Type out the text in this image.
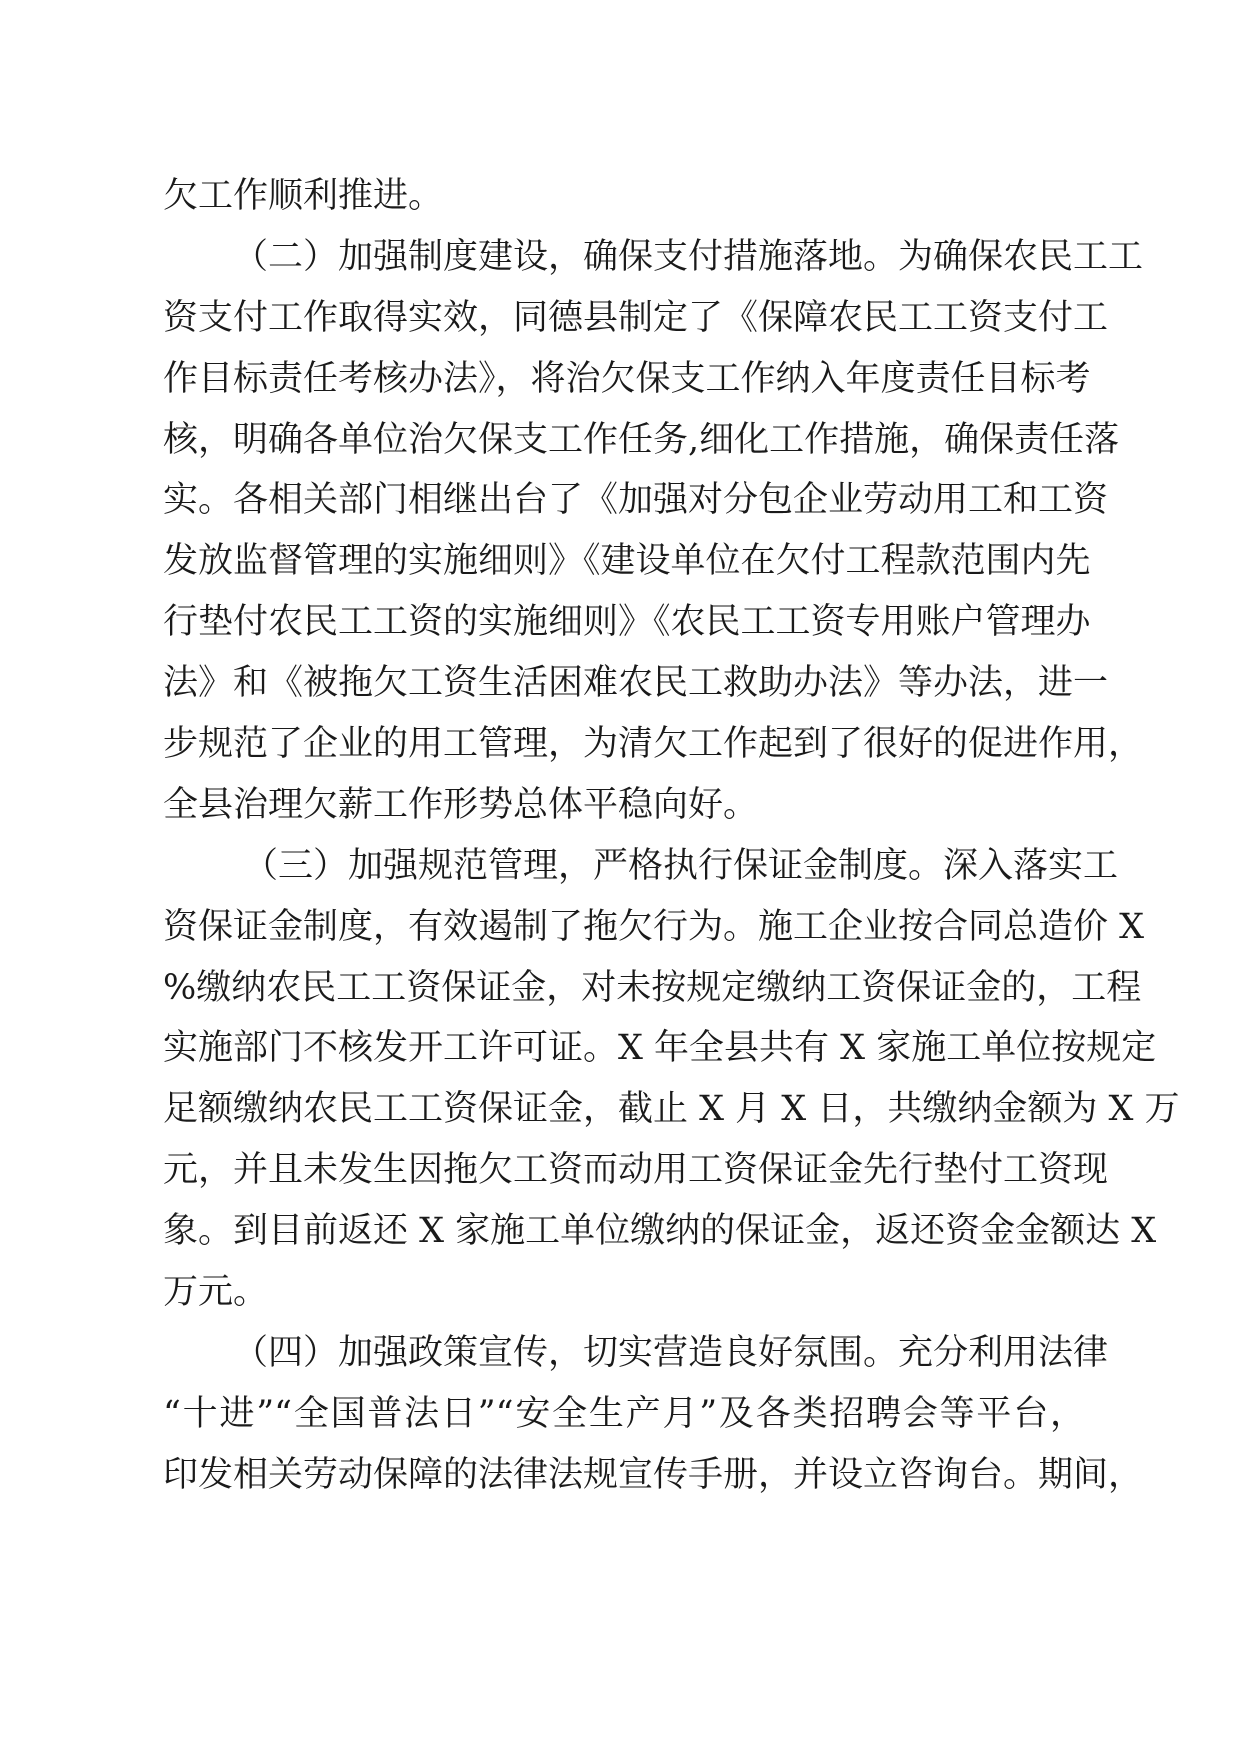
欠工作顺利推进。
（二）加强制度建设，确保支付措施落地。为确保农民工工
资支付工作取得实效，同德县制定了《保障农民工工资支付工
作目标责任考核办法》，将治欠保支工作纳入年度责任目标考
核，明确各单位治欠保支工作任务,细化工作措施，确保责任落
实。各相关部门相继出台了《加强对分包企业劳动用工和工资
发放监督管理的实施细则》《建设单位在欠付工程款范围内先
行垫付农民工工资的实施细则》《农民工工资专用账户管理办
法》和《被拖欠工资生活困难农民工救助办法》等办法，进一
步规范了企业的用工管理，为清欠工作起到了很好的促进作用，
全县治理欠薪工作形势总体平稳向好。
（三）加强规范管理，严格执行保证金制度。深入落实工
资保证金制度，有效遏制了拖欠行为。施工企业按合同总造价 X
%缴纳农民工工资保证金，对未按规定缴纳工资保证金的，工程
实施部门不核发开工许可证。X 年全县共有 X 家施工单位按规定
足额缴纳农民工工资保证金，截止 X 月 X 日，共缴纳金额为 X 万
元，并且未发生因拖欠工资而动用工资保证金先行垫付工资现
象。到目前返还 X 家施工单位缴纳的保证金，返还资金金额达 X
万元。
（四）加强政策宣传，切实营造良好氛围。充分利用法律
“十进”“全国普法日”“安全生产月”及各类招聘会等平台，
印发相关劳动保障的法律法规宣传手册，并设立咨询台。期间，
